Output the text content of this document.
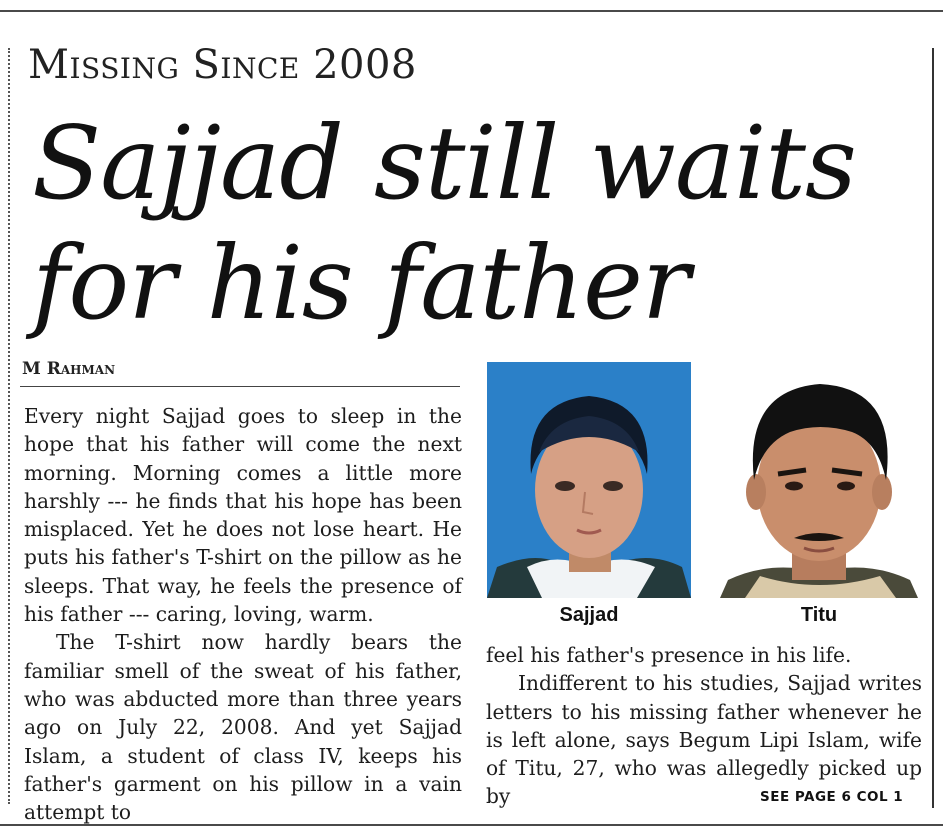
Missing Since 2008
Sajjad still waits
for his father
M Rahman

Every night Sajjad goes to sleep in the hope that his father will come the next morning. Morning comes a little more harshly --- he finds that his hope has been misplaced. Yet he does not lose heart. He puts his father's T-shirt on the pillow as he sleeps. That way, he feels the presence of his father --- caring, loving, warm.

The T-shirt now hardly bears the familiar smell of the sweat of his father, who was abducted more than three years ago on July 22, 2008. And yet Sajjad Islam, a student of class IV, keeps his father's garment on his pillow in a vain attempt to

Sajjad	Titu

feel his father's presence in his life.

Indifferent to his studies, Sajjad writes letters to his missing father whenever he is left alone, says Begum Lipi Islam, wife of Titu, 27, who was allegedly picked up by	SEE PAGE 6 COL 1
